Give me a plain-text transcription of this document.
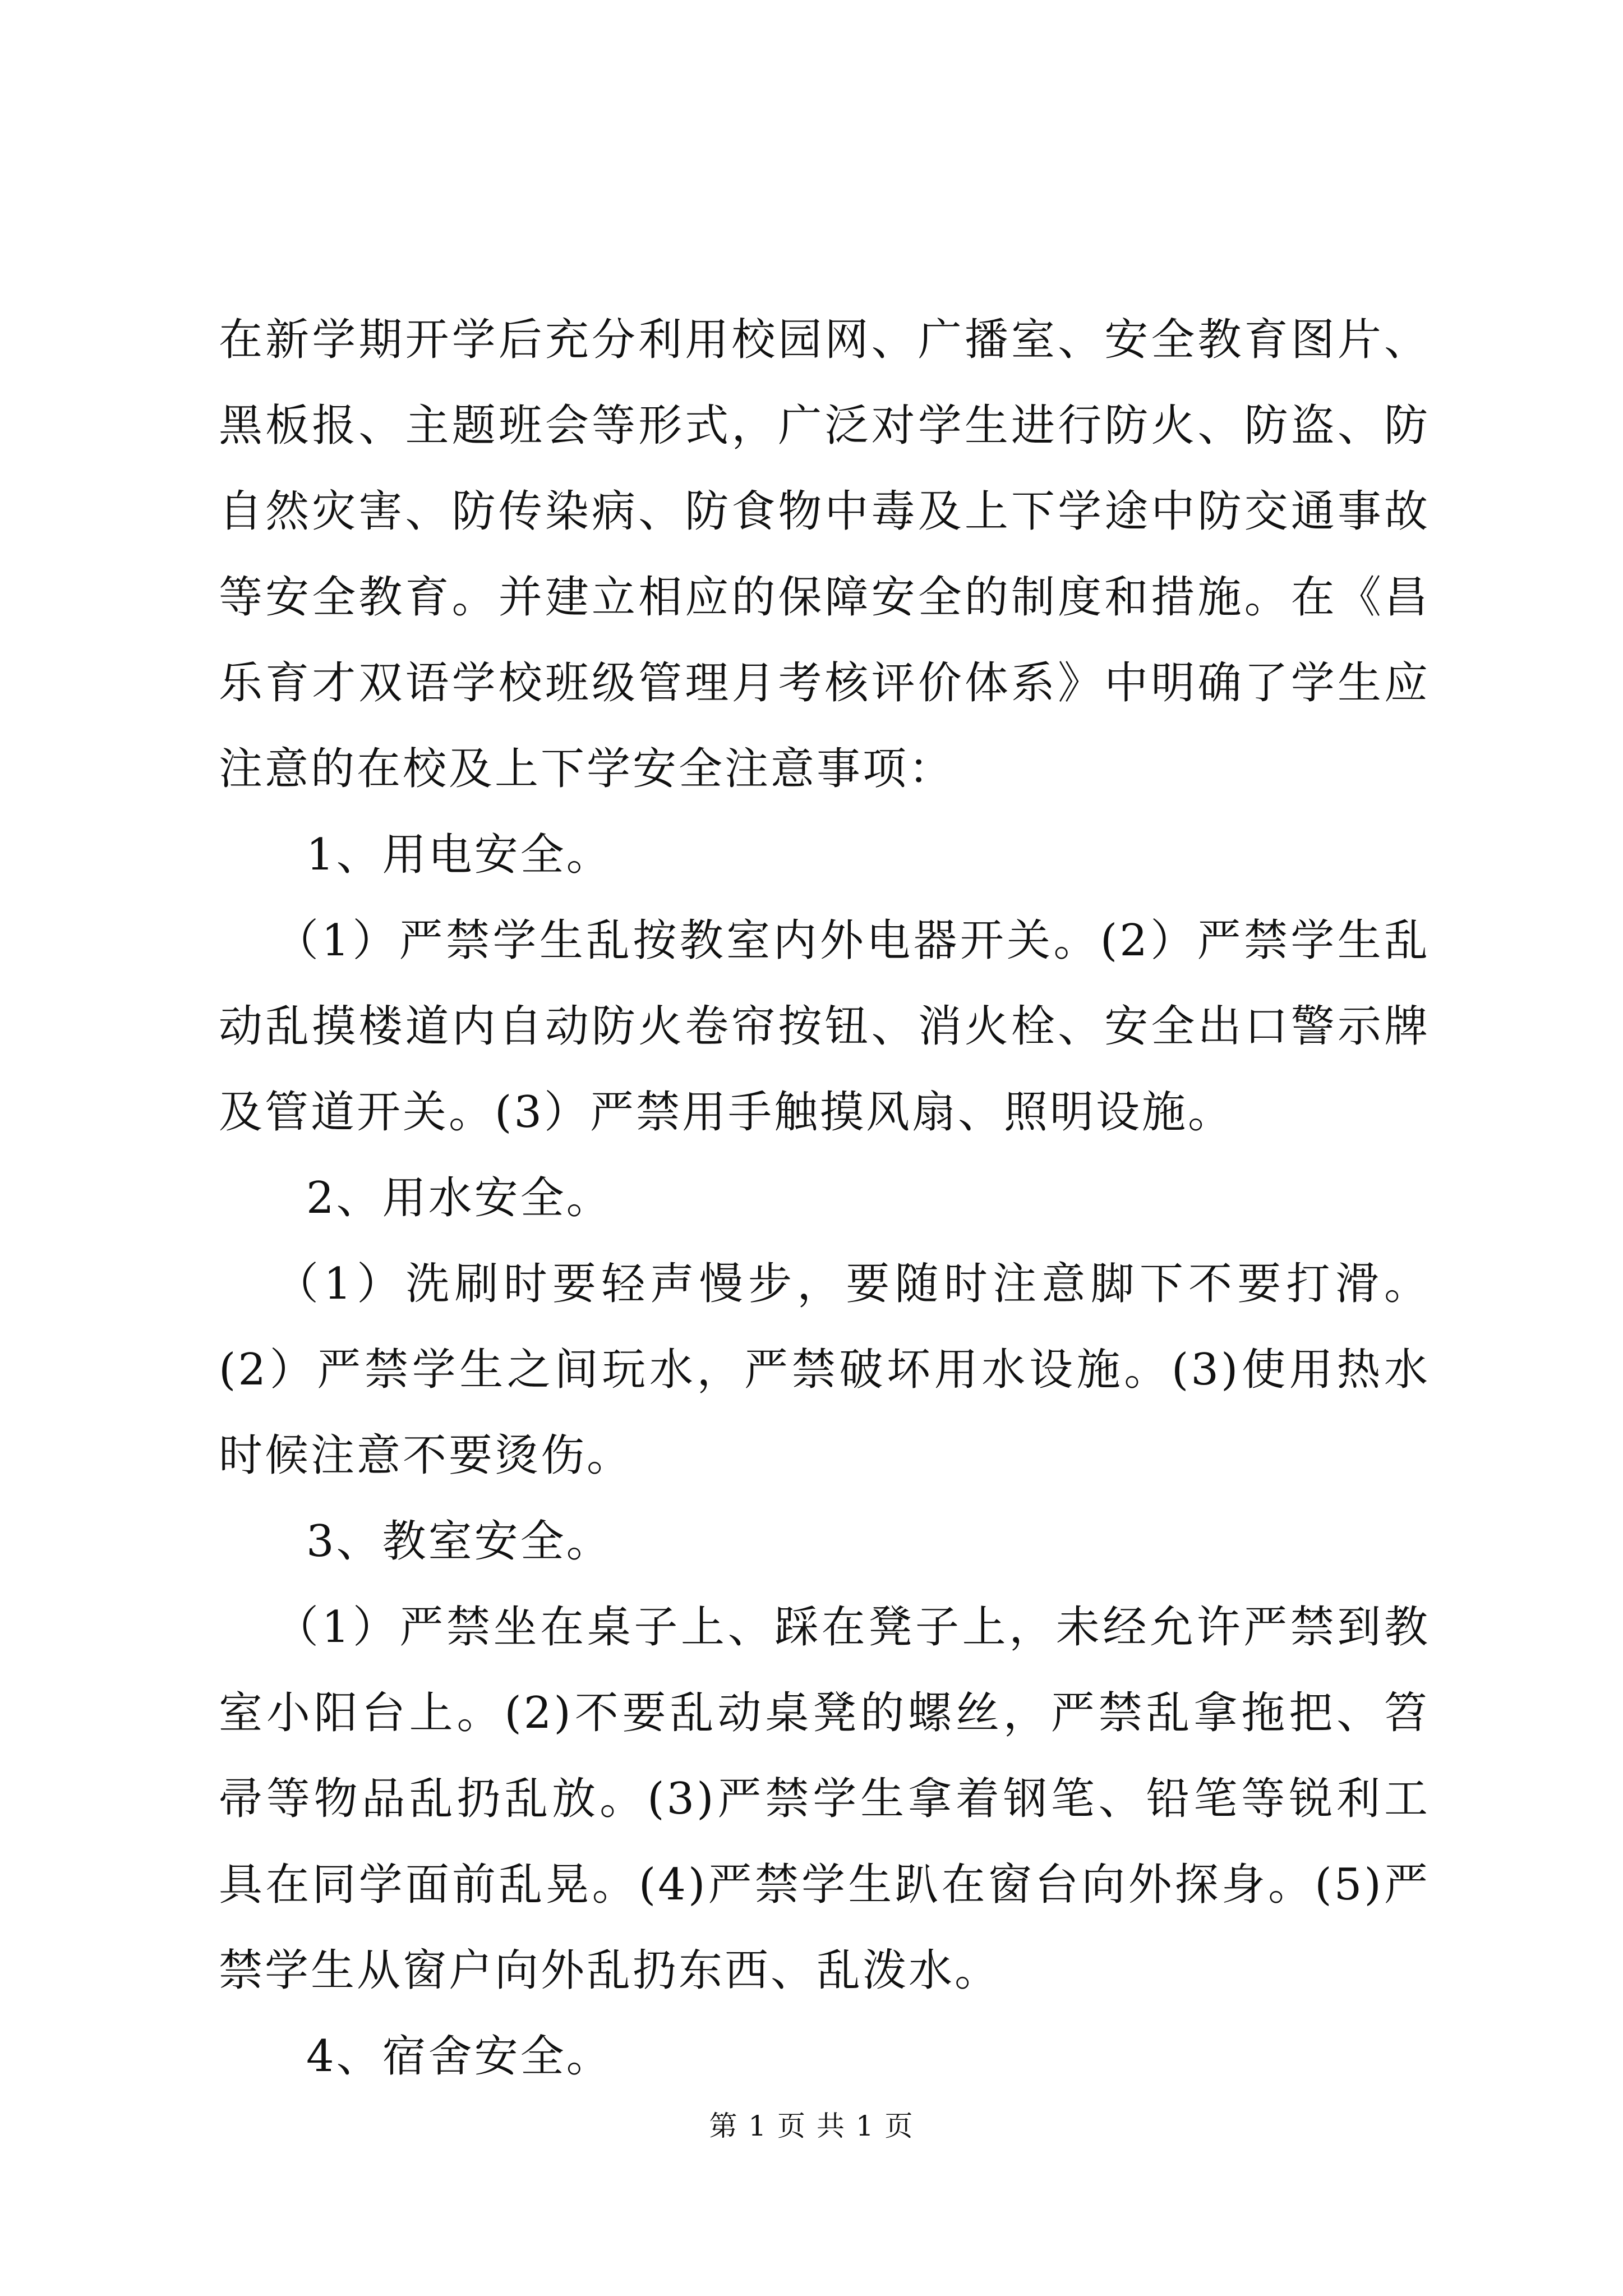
在新学期开学后充分利用校园网、广播室、安全教育图片、黑板报、主题班会等形式，广泛对学生进行防火、防盗、防自然灾害、防传染病、防食物中毒及上下学途中防交通事故等安全教育。并建立相应的保障安全的制度和措施。在《昌乐育才双语学校班级管理月考核评价体系》中明确了学生应注意的在校及上下学安全注意事项：

1、用电安全。

（1）严禁学生乱按教室内外电器开关。(2）严禁学生乱动乱摸楼道内自动防火卷帘按钮、消火栓、安全出口警示牌及管道开关。(3）严禁用手触摸风扇、照明设施。

2、用水安全。

（1）洗刷时要轻声慢步，要随时注意脚下不要打滑。(2）严禁学生之间玩水，严禁破坏用水设施。(3)使用热水时候注意不要烫伤。

3、教室安全。

（1）严禁坐在桌子上、踩在凳子上，未经允许严禁到教室小阳台上。(2)不要乱动桌凳的螺丝，严禁乱拿拖把、笤帚等物品乱扔乱放。(3)严禁学生拿着钢笔、铅笔等锐利工具在同学面前乱晃。(4)严禁学生趴在窗台向外探身。(5)严禁学生从窗户向外乱扔东西、乱泼水。

4、宿舍安全。

第 1 页 共 1 页
